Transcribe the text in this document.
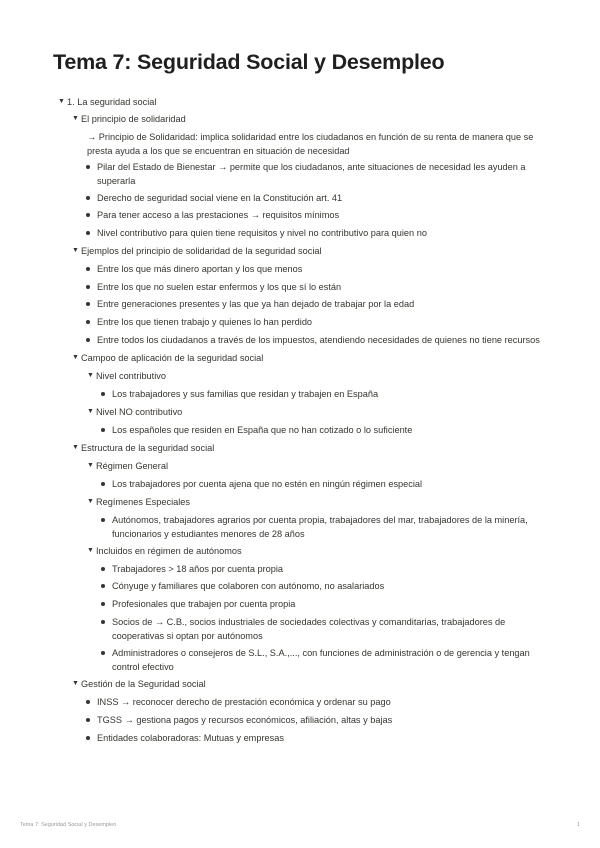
Tema 7: Seguridad Social y Desempleo
▼ 1. La seguridad social
▼ El principio de solidaridad
→ Principio de Solidaridad: implica solidaridad entre los ciudadanos en función de su renta de manera que se presta ayuda a los que se encuentran en situación de necesidad
Pilar del Estado de Bienestar → permite que los ciudadanos, ante situaciones de necesidad les ayuden a superarla
Derecho de seguridad social viene en la Constitución art. 41
Para tener acceso a las prestaciones → requisitos mínimos
Nivel contributivo para quien tiene requisitos y nivel no contributivo para quien no
▼ Ejemplos del principio de solidaridad de la seguridad social
Entre los que más dinero aportan y los que menos
Entre los que no suelen estar enfermos y los que sí lo están
Entre generaciones presentes y las que ya han dejado de trabajar por la edad
Entre los que tienen trabajo y quienes lo han perdido
Entre todos los ciudadanos a través de los impuestos, atendiendo necesidades de quienes no tiene recursos
▼ Campoo de aplicación de la seguridad social
▼ Nivel contributivo
Los trabajadores y sus familias que residan y trabajen en España
▼ Nivel NO contributivo
Los españoles que residen en España que no han cotizado o lo suficiente
▼ Estructura de la seguridad social
▼ Régimen General
Los trabajadores por cuenta ajena que no estén en ningún régimen especial
▼ Regímenes Especiales
Autónomos, trabajadores agrarios por cuenta propia, trabajadores del mar, trabajadores de la minería, funcionarios y estudiantes menores de 28 años
▼ Incluidos en régimen de autónomos
Trabajadores > 18 años por cuenta propia
Cónyuge y familiares que colaboren con autónomo, no asalariados
Profesionales que trabajen por cuenta propia
Socios de → C.B., socios industriales de sociedades colectivas y comanditarias, trabajadores de cooperativas si optan por autónomos
Administradores o consejeros de S.L., S.A.,..., con funciones de administración o de gerencia y tengan control efectivo
▼ Gestión de la Seguridad social
INSS → reconocer derecho de prestación económica y ordenar su pago
TGSS → gestiona pagos y recursos económicos, afiliación, altas y bajas
Entidades colaboradoras: Mutuas y empresas
Tema 7: Seguridad Social y Desempleo	1
